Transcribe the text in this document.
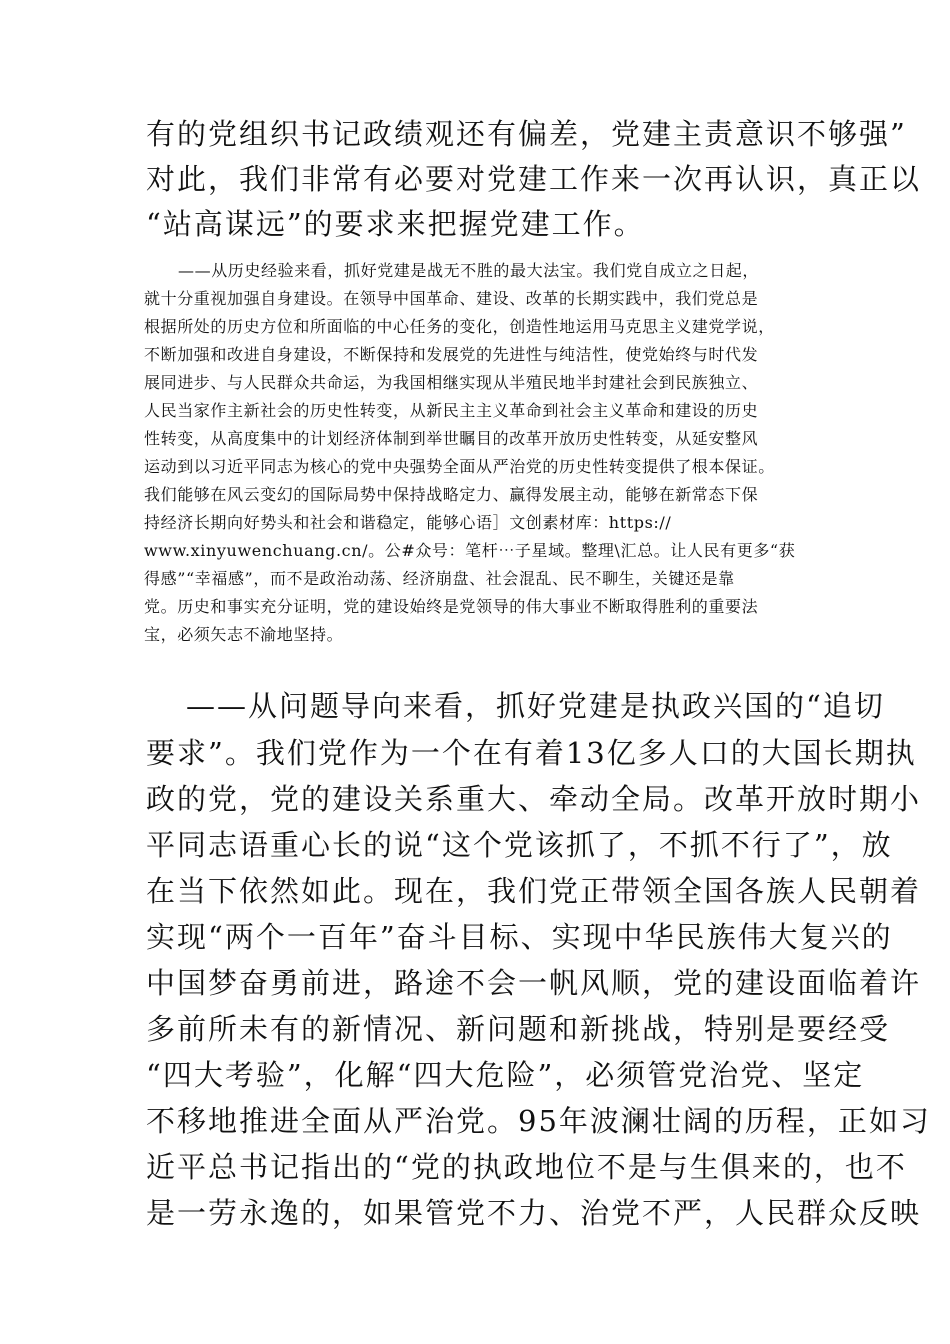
有的党组织书记政绩观还有偏差，党建主责意识不够强”
对此，我们非常有必要对党建工作来一次再认识，真正以
“站高谋远”的要求来把握党建工作。
——从历史经验来看，抓好党建是战无不胜的最大法宝。我们党自成立之日起，
就十分重视加强自身建设。在领导中国革命、建设、改革的长期实践中，我们党总是
根据所处的历史方位和所面临的中心任务的变化，创造性地运用马克思主义建党学说，
不断加强和改进自身建设，不断保持和发展党的先进性与纯洁性，使党始终与时代发
展同进步、与人民群众共命运，为我国相继实现从半殖民地半封建社会到民族独立、
人民当家作主新社会的历史性转变，从新民主主义革命到社会主义革命和建设的历史
性转变，从高度集中的计划经济体制到举世瞩目的改革开放历史性转变，从延安整风
运动到以习近平同志为核心的党中央强势全面从严治党的历史性转变提供了根本保证。
我们能够在风云变幻的国际局势中保持战略定力、赢得发展主动，能够在新常态下保
持经济长期向好势头和社会和谐稳定，能够心语］文创素材库：https://
www.xinyuwenchuang.cn/。公#众号：笔杆⋯子星域。整理\汇总。让人民有更多“获
得感”“幸福感”，而不是政治动荡、经济崩盘、社会混乱、民不聊生，关键还是靠
党。历史和事实充分证明，党的建设始终是党领导的伟大事业不断取得胜利的重要法
宝，必须矢志不渝地坚持。
——从问题导向来看，抓好党建是执政兴国的“追切
要求”。我们党作为一个在有着13亿多人口的大国长期执
政的党，党的建设关系重大、牵动全局。改革开放时期小
平同志语重心长的说“这个党该抓了，不抓不行了”，放
在当下依然如此。现在，我们党正带领全国各族人民朝着
实现“两个一百年”奋斗目标、实现中华民族伟大复兴的
中国梦奋勇前进，路途不会一帆风顺，党的建设面临着许
多前所未有的新情况、新问题和新挑战，特别是要经受
“四大考验”，化解“四大危险”，必须管党治党、坚定
不移地推进全面从严治党。95年波澜壮阔的历程，正如习
近平总书记指出的“党的执政地位不是与生俱来的，也不
是一劳永逸的，如果管党不力、治党不严，人民群众反映
